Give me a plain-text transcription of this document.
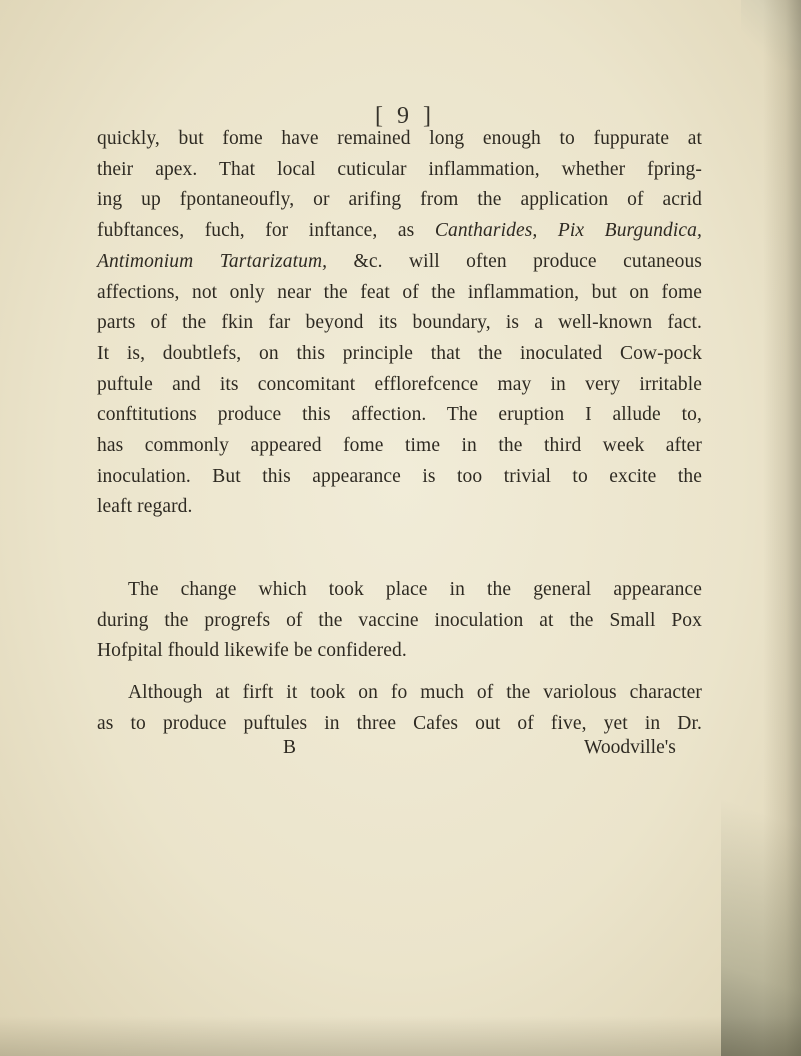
[ 9 ]
quickly, but fome have remained long enough to fuppurate at
their apex. That local cuticular inflammation, whether fpring-
ing up fpontaneoufly, or arifing from the application of acrid
fubftances, fuch, for inftance, as Cantharides, Pix Burgundica,
Antimonium Tartarizatum, &c. will often produce cutaneous
affections, not only near the feat of the inflammation, but on fome
parts of the fkin far beyond its boundary, is a well-known fact.
It is, doubtlefs, on this principle that the inoculated Cow-pock
puftule and its concomitant efflorefcence may in very irritable
conftitutions produce this affection. The eruption I allude to,
has commonly appeared fome time in the third week after
inoculation. But this appearance is too trivial to excite the
leaft regard.
The change which took place in the general appearance
during the progrefs of the vaccine inoculation at the Small Pox
Hofpital fhould likewife be confidered.
Although at firft it took on fo much of the variolous character
as to produce puftules in three Cafes out of five, yet in Dr.
B	Woodville's
